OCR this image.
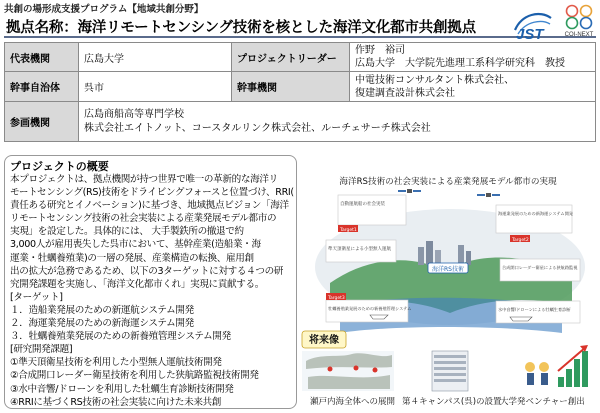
共創の場形成支援プログラム【地域共創分野】
拠点名称：海洋リモートセンシング技術を核とした海洋文化都市共創拠点	JST	COI-NEXT
代表機関	広島大学	プロジェクトリーダー	作野　裕司
広島大学　大学院先進理工系科学研究科　教授

幹事自治体	呉市	幹事機関	中電技術コンサルタント株式会社、
復建調査設計株式会社

参画機関	広島商船高等専門学校
株式会社エイトノット、コースタルリンク株式会社、ルーチェサーチ株式会社		
プロジェクトの概要
本プロジェクトは、拠点機関が持つ世界で唯一の革新的な海洋リ
モートセンシング(RS)技術をドライビングフォースと位置づけ、RRI(
責任ある研究とイノベーション)に基づき、地域拠点ビジョン「海洋
リモートセンシング技術の社会実装による産業発展モデル都市の
実現」を設定した。具体的には、 大手製鉄所の撤退で約
3,000人が雇用喪失した呉市において、基幹産業(造船業・海
運業・牡蠣養殖業)の一層の発展、産業構造の転換、雇用創
出の拡大が急務であるため、以下の3ターゲットに対する４つの研
究開発課題を実施し、「海洋文化都市くれ」実現に貢献する。
[ターゲット]
１．造船業発展のための新運航システム開発
２．海運業発展のための新海運システム開発
３．牡蠣養殖業発展のための新養殖管理システム開発
[研究開発課題]
①準天頂衛星技術を利用した小型無人運航技術開発
②合成開口レーダー衛星技術を利用した狭航路監視技術開発
③水中音響/ドローンを利用した牡蠣生育診断技術開発
④RRIに基づくRS技術の社会実装に向けた未来共創
海洋RS技術の社会実装による産業発展モデル都市の実現
海洋RS技術
自動運航船の社会実装
Target1
準天頂衛星による小型無人運航
Target3
牡蠣養殖業発展のための新養殖管理システム
海運業発展のための新海運システム開発
Target2
合成開口レーダー衛星による狭航路監視
水中音響/ドローンによる牡蠣生育診断
将来像
瀬戸内海全体への展開 第４キャンパス(呉)の設置
大学発ベンチャー創出
